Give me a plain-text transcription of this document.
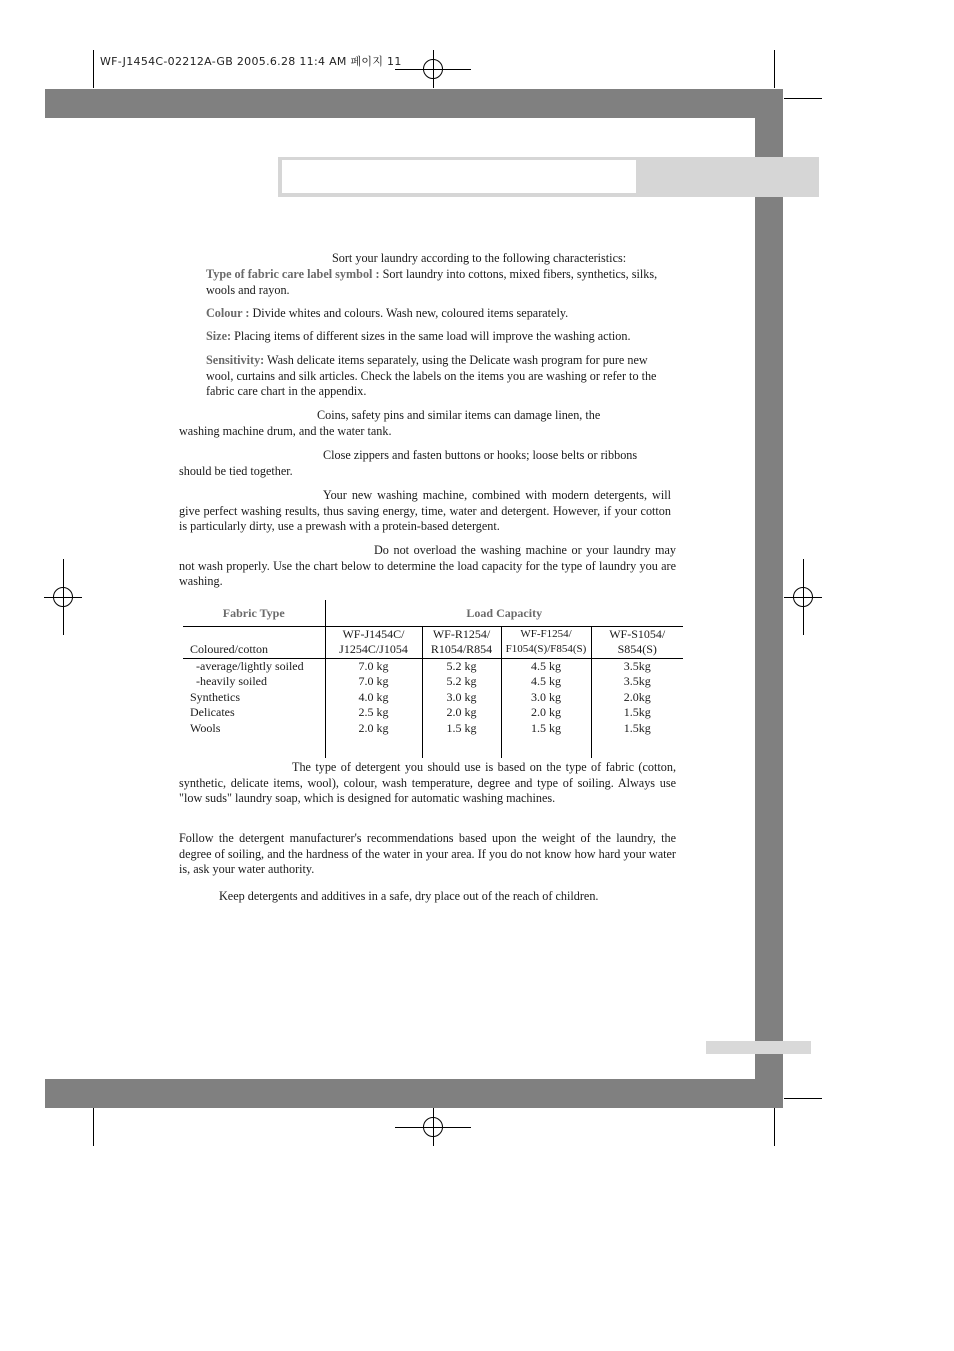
WF-J1454C-02212A-GB 2005.6.28 11:4 AM 페이지 11
Sort your laundry according to the following characteristics:
Type of fabric care label symbol : Sort laundry into cottons, mixed fibers, synthetics, silks, wools and rayon.
Colour : Divide whites and colours. Wash new, coloured items separately.
Size: Placing items of different sizes in the same load will improve the washing action.
Sensitivity: Wash delicate items separately, using the Delicate wash program for pure new wool, curtains and silk articles. Check the labels on the items you are washing or refer to the fabric care chart in the appendix.
Coins, safety pins and similar items can damage linen, the washing machine drum, and the water tank.
Close zippers and fasten buttons or hooks; loose belts or ribbons should be tied together.
Your new washing machine, combined with modern detergents, will give perfect washing results, thus saving energy, time, water and detergent. However, if your cotton is particularly dirty, use a prewash with a protein-based detergent.
Do not overload the washing machine or your laundry may not wash properly. Use the chart below to determine the load capacity for the type of laundry you are washing.
Fabric Type	Load Capacity			
Coloured/cotton	WF-J1454C/ J1254C/J1054	WF-R1254/ R1054/R854	WF-F1254/ F1054(S)/F854(S)	WF-S1054/ S854(S)
-average/lightly soiled	7.0 kg	5.2 kg	4.5 kg	3.5kg
-heavily soiled	7.0 kg	5.2 kg	4.5 kg	3.5kg
Synthetics	4.0 kg	3.0 kg	3.0 kg	2.0kg
Delicates	2.5 kg	2.0 kg	2.0 kg	1.5kg
Wools	2.0 kg	1.5 kg	1.5 kg	1.5kg

The type of detergent you should use is based on the type of fabric (cotton, synthetic, delicate items, wool), colour, wash temperature, degree and type of soiling. Always use "low suds" laundry soap, which is designed for automatic washing machines.
Follow the detergent manufacturer's recommendations based upon the weight of the laundry, the degree of soiling, and the hardness of the water in your area. If you do not know how hard your water is, ask your water authority.
Keep detergents and additives in a safe, dry place out of the reach of children.
